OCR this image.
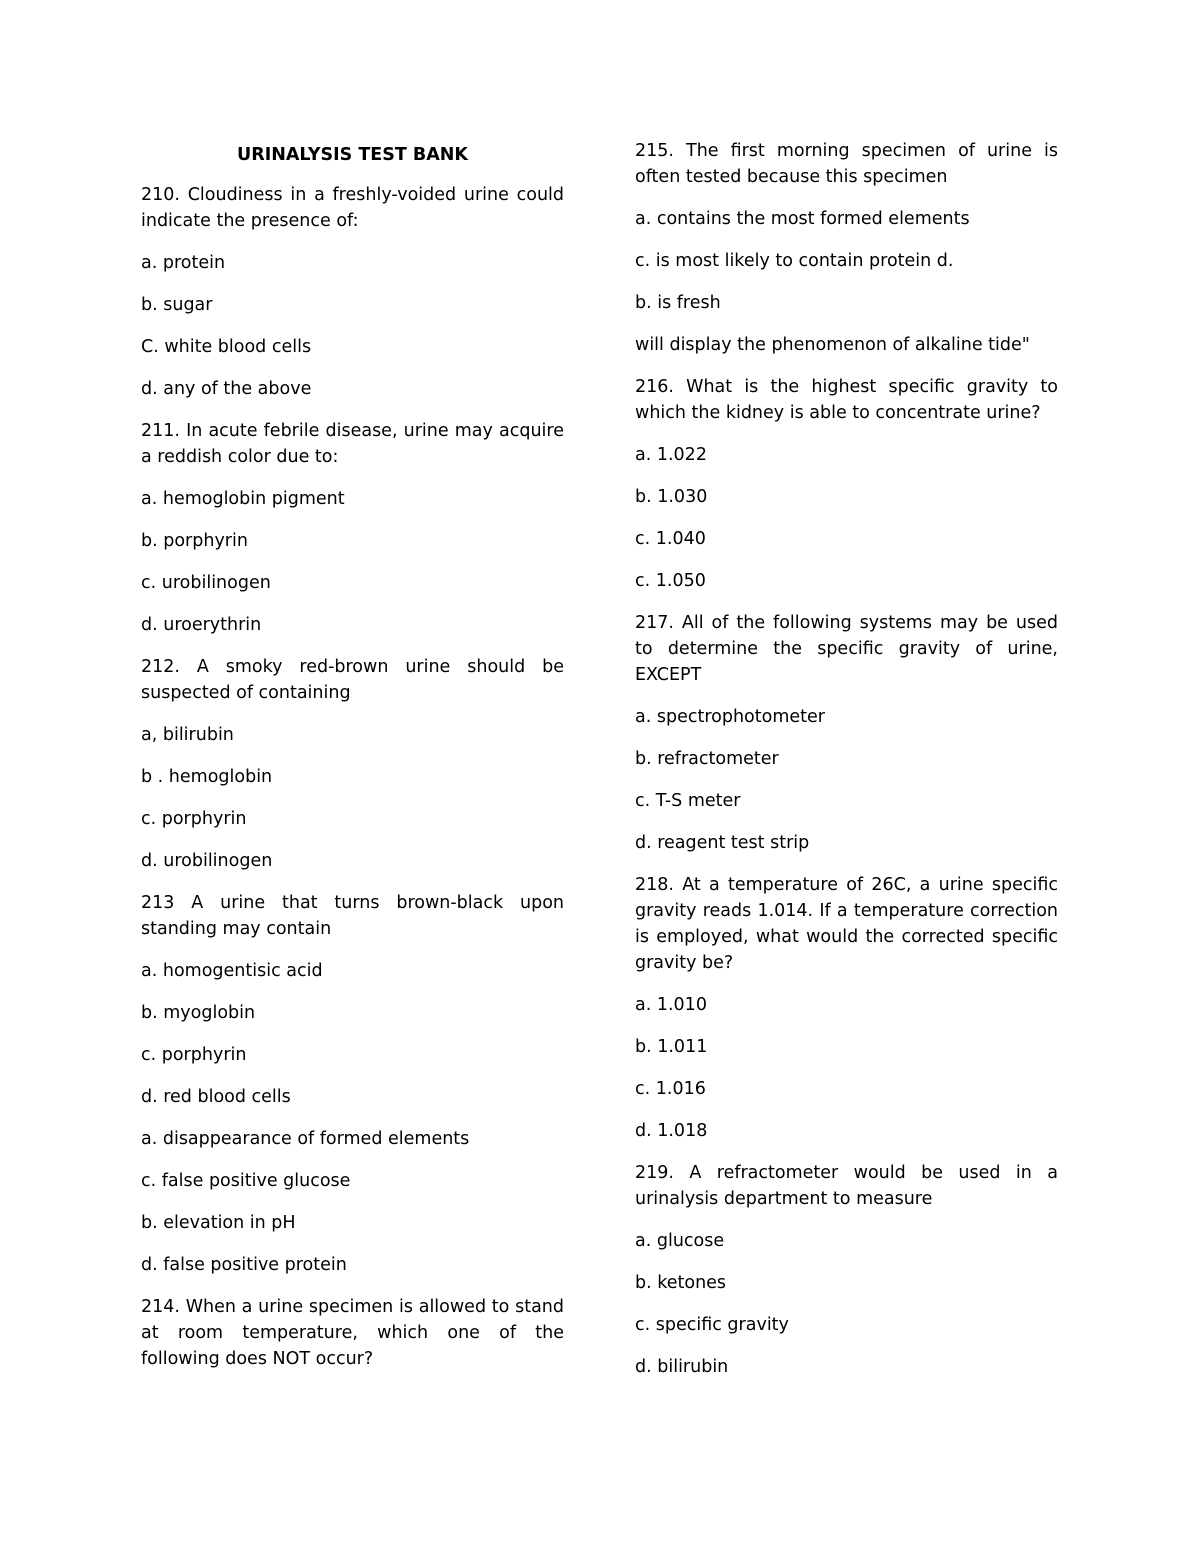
URINALYSIS TEST BANK

210. Cloudiness in a freshly-voided urine could indicate the presence of:

a. protein

b. sugar

C. white blood cells

d. any of the above

211. In acute febrile disease, urine may acquire a reddish color due to:

a. hemoglobin pigment

b. porphyrin

c. urobilinogen

d. uroerythrin

212. A smoky red-brown urine should be suspected of containing

a, bilirubin

b . hemoglobin

c. porphyrin

d. urobilinogen

213 A urine that turns brown-black upon standing may contain

a. homogentisic acid

b. myoglobin

c. porphyrin

d. red blood cells

a. disappearance of formed elements

c. false positive glucose

b. elevation in pH

d. false positive protein

214. When a urine specimen is allowed to stand at room temperature, which one of the following does NOT occur?

215. The first morning specimen of urine is often tested because this specimen

a. contains the most formed elements

c. is most likely to contain protein d.

b. is fresh

will display the phenomenon of alkaline tide"

216. What is the highest specific gravity to which the kidney is able to concentrate urine?

a. 1.022

b. 1.030

c. 1.040

c. 1.050

217. All of the following systems may be used to determine the specific gravity of urine, EXCEPT

a. spectrophotometer

b. refractometer

c. T-S meter

d. reagent test strip

218. At a temperature of 26C, a urine specific gravity reads 1.014. If a temperature correction is employed, what would the corrected specific gravity be?

a. 1.010

b. 1.011

c. 1.016

d. 1.018

219. A refractometer would be used in a urinalysis department to measure

a. glucose

b. ketones

c. specific gravity

d. bilirubin
